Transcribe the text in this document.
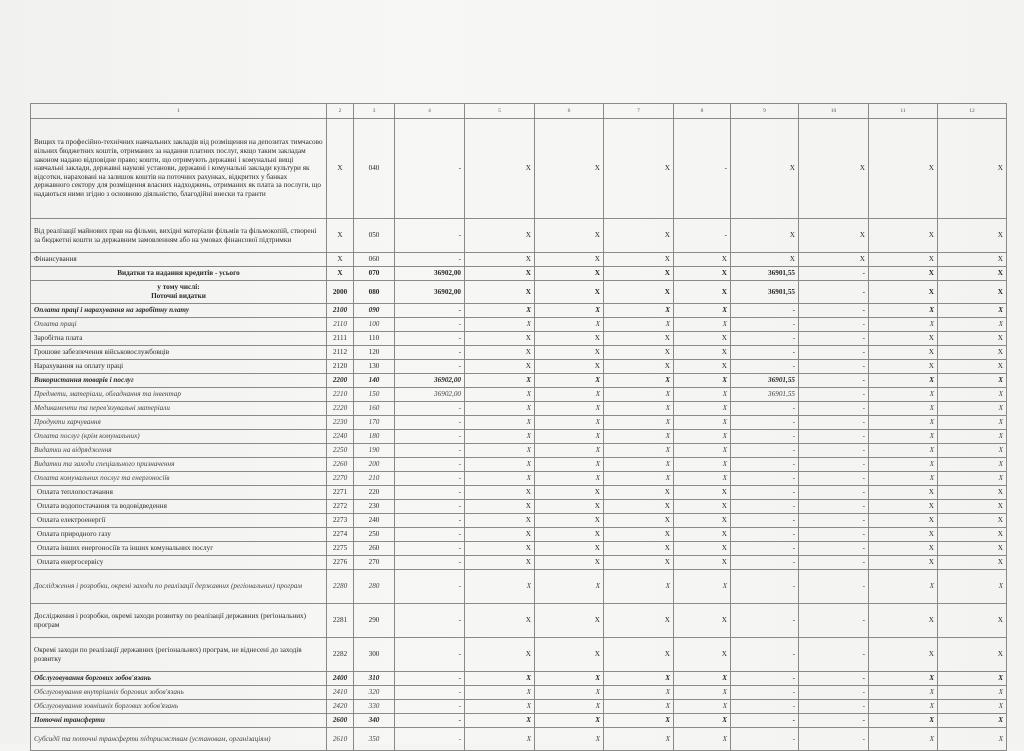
1	2	3	4	5	6	7	8	9	10	11	12
Вищих та професійно-технічних навчальних закладів від розміщення на депозитах тимчасово вільних бюджетних коштів, отриманих за надання платних послуг, якщо таким закладам законом надано відповідне право; кошти, що отримують державні і комунальні вищі навчальні заклади, державні наукові установи, державні і комунальні заклади культури як відсотки, нараховані на залишок коштів на поточних рахунках, відкритих у банках державного сектору для розміщення власних надходжень, отриманих як плата за послуги, що надаються ними згідно з основною діяльністю, благодійні внески та гранти	X	040	-	X	X	X	-	X	X	X	X
Від реалізації майнових прав на фільми, вихідні матеріали фільмів та фільмокопій, створені за бюджетні кошти за державним замовленням або на умовах фінансової підтримки	X	050	-	X	X	X	-	X	X	X	X
Фінансування	X	060	-	X	X	X	X	X	X	X	X
Видатки та надання кредитів - усього	X	070	36902,00	X	X	X	X	36901,55	-	X	X
у тому числі:
Поточні видатки	2000	080	36902,00	X	X	X	X	36901,55	-	X	X
Оплата праці і нарахування на заробітну плату	2100	090	-	X	X	X	X	-	-	X	X
Оплата праці	2110	100	-	X	X	X	X	-	-	X	X
Заробітна плата	2111	110	-	X	X	X	X	-	-	X	X
Грошове забезпечення військовослужбовців	2112	120	-	X	X	X	X	-	-	X	X
Нарахування на оплату праці	2120	130	-	X	X	X	X	-	-	X	X
Використання товарів і послуг	2200	140	36902,00	X	X	X	X	36901,55	-	X	X
Предмети, матеріали, обладнання та інвентар	2210	150	36902,00	X	X	X	X	36901,55	-	X	X
Медикаменти та перев'язувальні матеріали	2220	160	-	X	X	X	X	-	-	X	X
Продукти харчування	2230	170	-	X	X	X	X	-	-	X	X
Оплата послуг (крім комунальних)	2240	180	-	X	X	X	X	-	-	X	X
Видатки на відрядження	2250	190	-	X	X	X	X	-	-	X	X
Видатки та заходи спеціального призначення	2260	200	-	X	X	X	X	-	-	X	X
Оплата комунальних послуг та енергоносіїв	2270	210	-	X	X	X	X	-	-	X	X
Оплата теплопостачання	2271	220	-	X	X	X	X	-	-	X	X
Оплата водопостачання та водовідведення	2272	230	-	X	X	X	X	-	-	X	X
Оплата електроенергії	2273	240	-	X	X	X	X	-	-	X	X
Оплата природного газу	2274	250	-	X	X	X	X	-	-	X	X
Оплата інших енергоносіїв та інших комунальних послуг	2275	260	-	X	X	X	X	-	-	X	X
Оплата енергосервісу	2276	270	-	X	X	X	X	-	-	X	X
Дослідження і розробки, окремі заходи по реалізації державних (регіональних) програм	2280	280	-	X	X	X	X	-	-	X	X
Дослідження і розробки, окремі заходи розвитку по реалізації державних (регіональних) програм	2281	290	-	X	X	X	X	-	-	X	X
Окремі заходи по реалізації державних (регіональних) програм, не віднесені до заходів розвитку	2282	300	-	X	X	X	X	-	-	X	X
Обслуговування боргових зобов'язань	2400	310	-	X	X	X	X	-	-	X	X
Обслуговування внутрішніх боргових зобов'язань	2410	320	-	X	X	X	X	-	-	X	X
Обслуговування зовнішніх боргових зобов'язань	2420	330	-	X	X	X	X	-	-	X	X
Поточні трансферти	2600	340	-	X	X	X	X	-	-	X	X
Субсидії та поточні трансферти підприємствам (установам, організаціям)	2610	350	-	X	X	X	X	-	-	X	X
